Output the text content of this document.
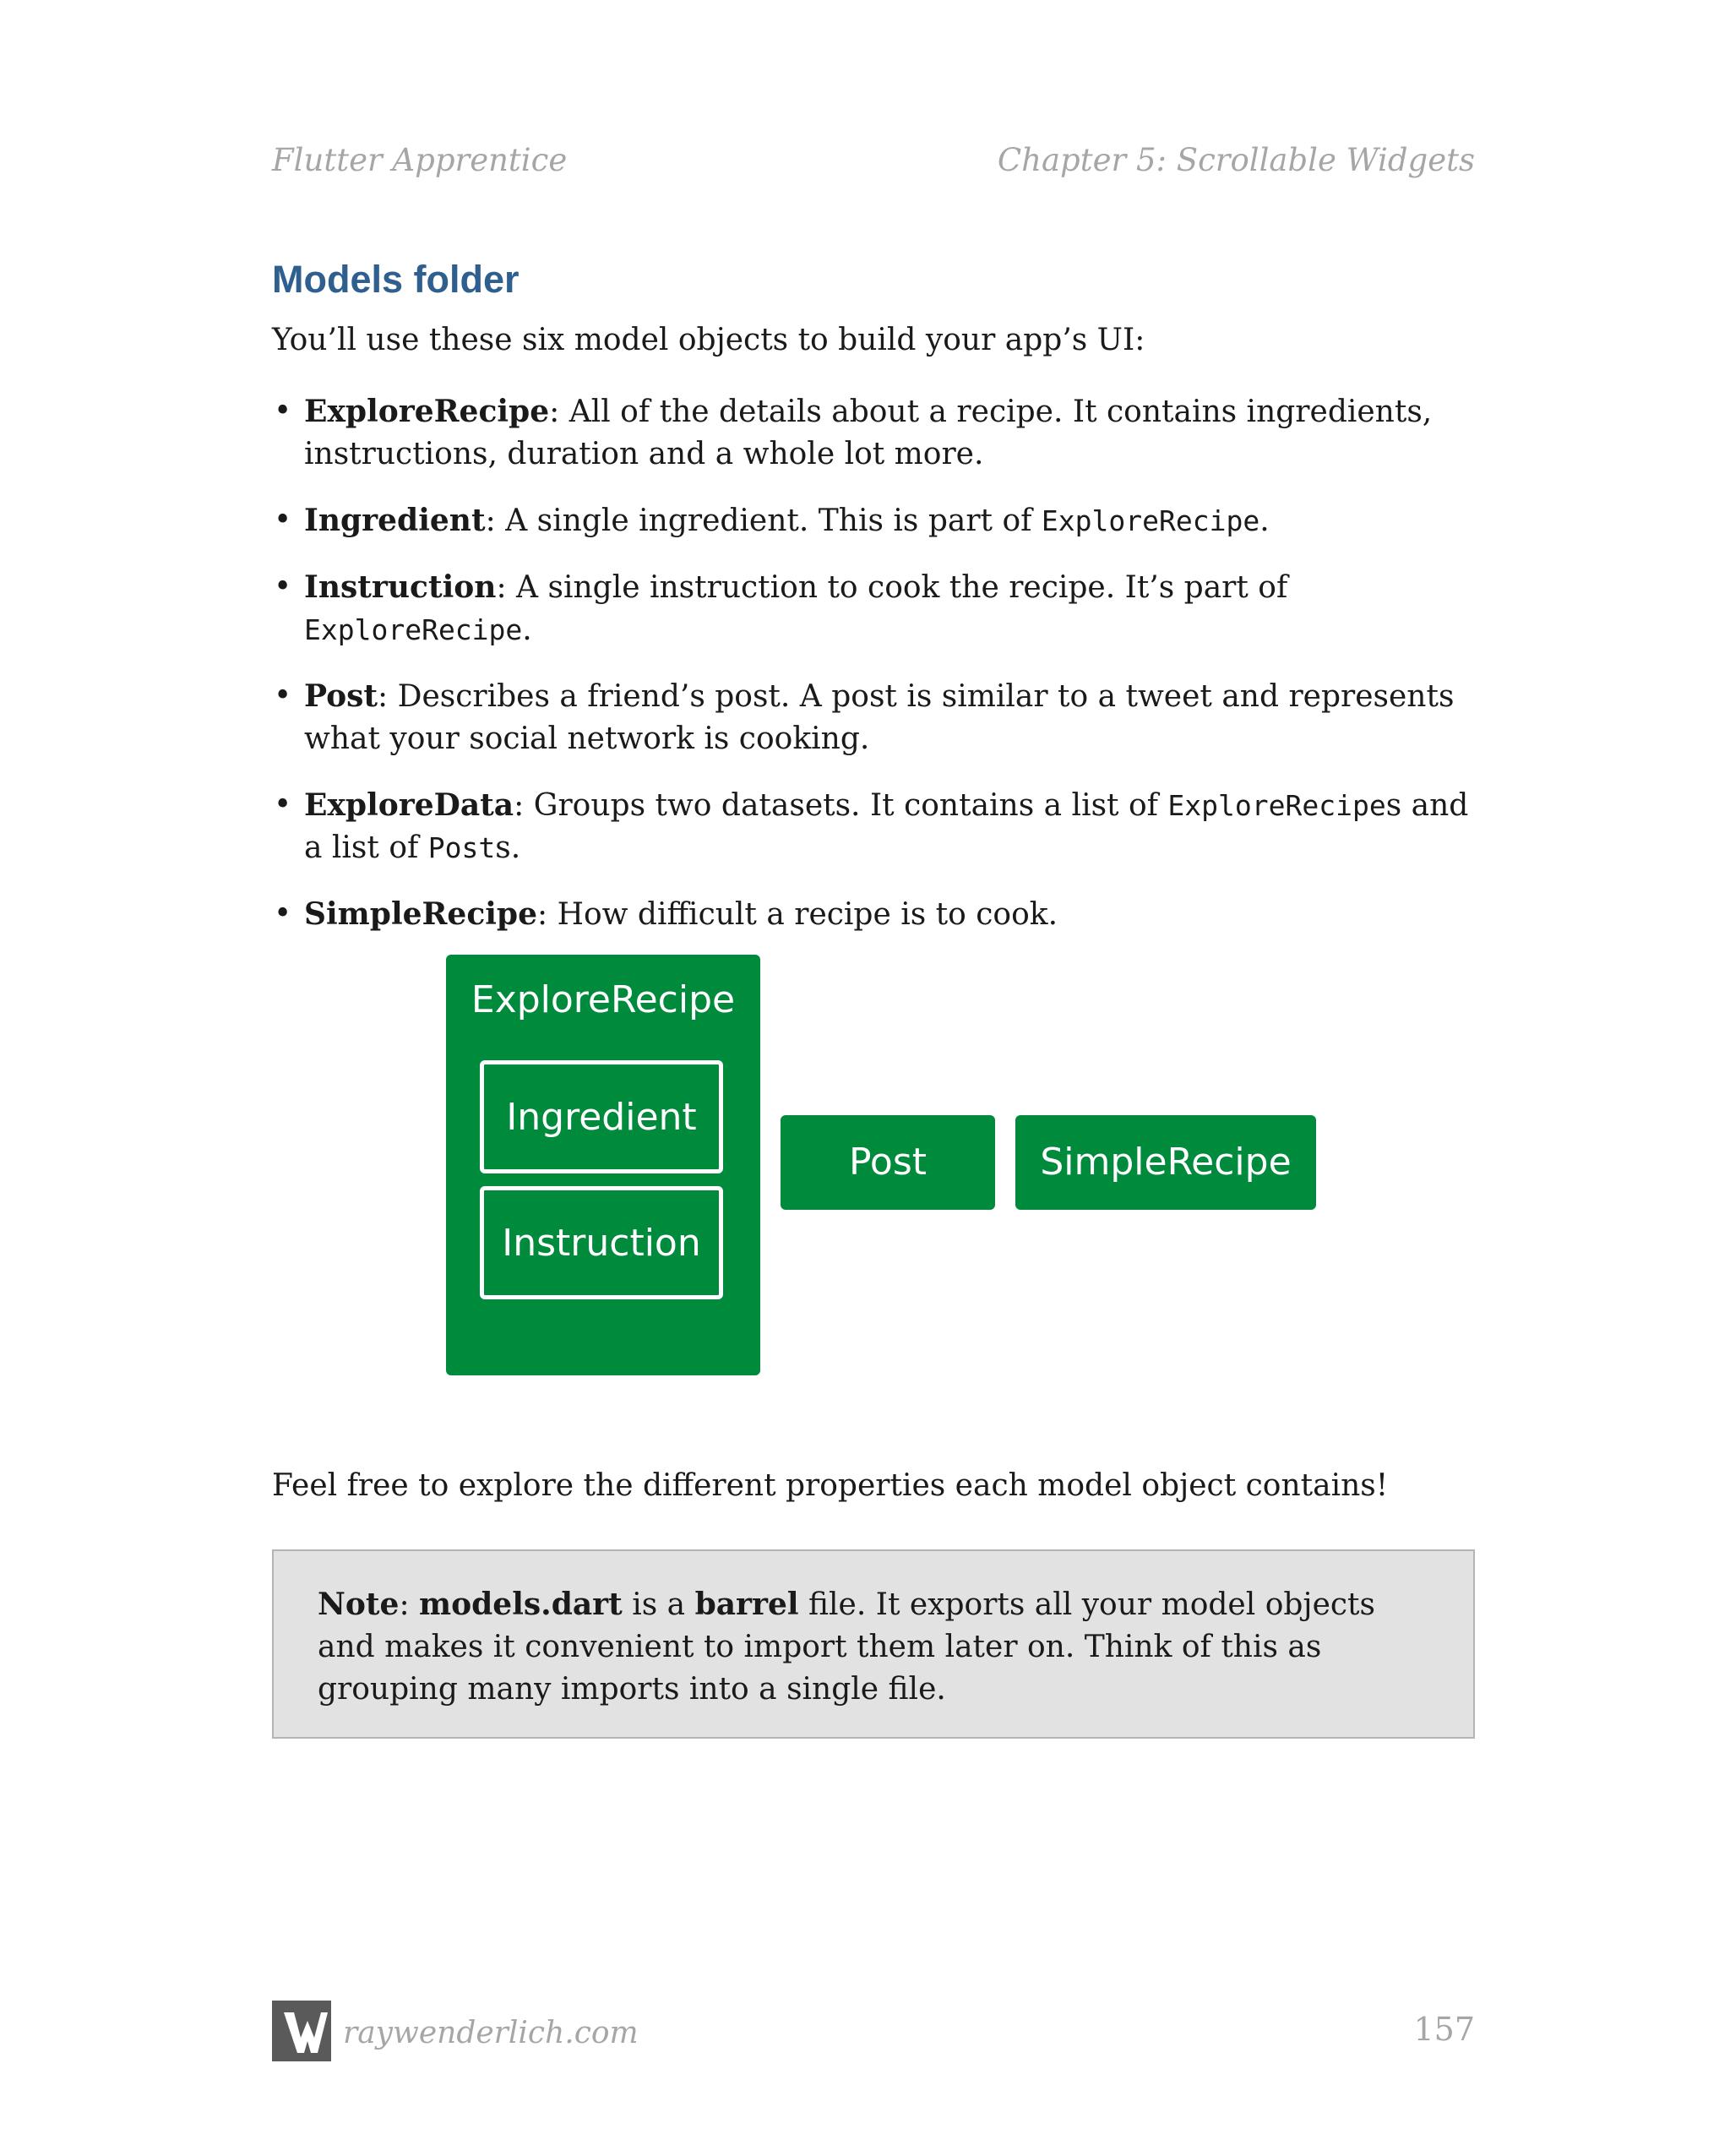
Flutter Apprentice	Chapter 5: Scrollable Widgets
Models folder
You’ll use these six model objects to build your app’s UI:
• ExploreRecipe: All of the details about a recipe. It contains ingredients, instructions, duration and a whole lot more.
• Ingredient: A single ingredient. This is part of ExploreRecipe.
• Instruction: A single instruction to cook the recipe. It’s part of ExploreRecipe.
• Post: Describes a friend’s post. A post is similar to a tweet and represents what your social network is cooking.
• ExploreData: Groups two datasets. It contains a list of ExploreRecipes and a list of Posts.
• SimpleRecipe: How difficult a recipe is to cook.
ExploreRecipe
Ingredient
Instruction
Post	SimpleRecipe
Feel free to explore the different properties each model object contains!
Note: models.dart is a barrel file. It exports all your model objects and makes it convenient to import them later on. Think of this as grouping many imports into a single file.
raywenderlich.com	157
